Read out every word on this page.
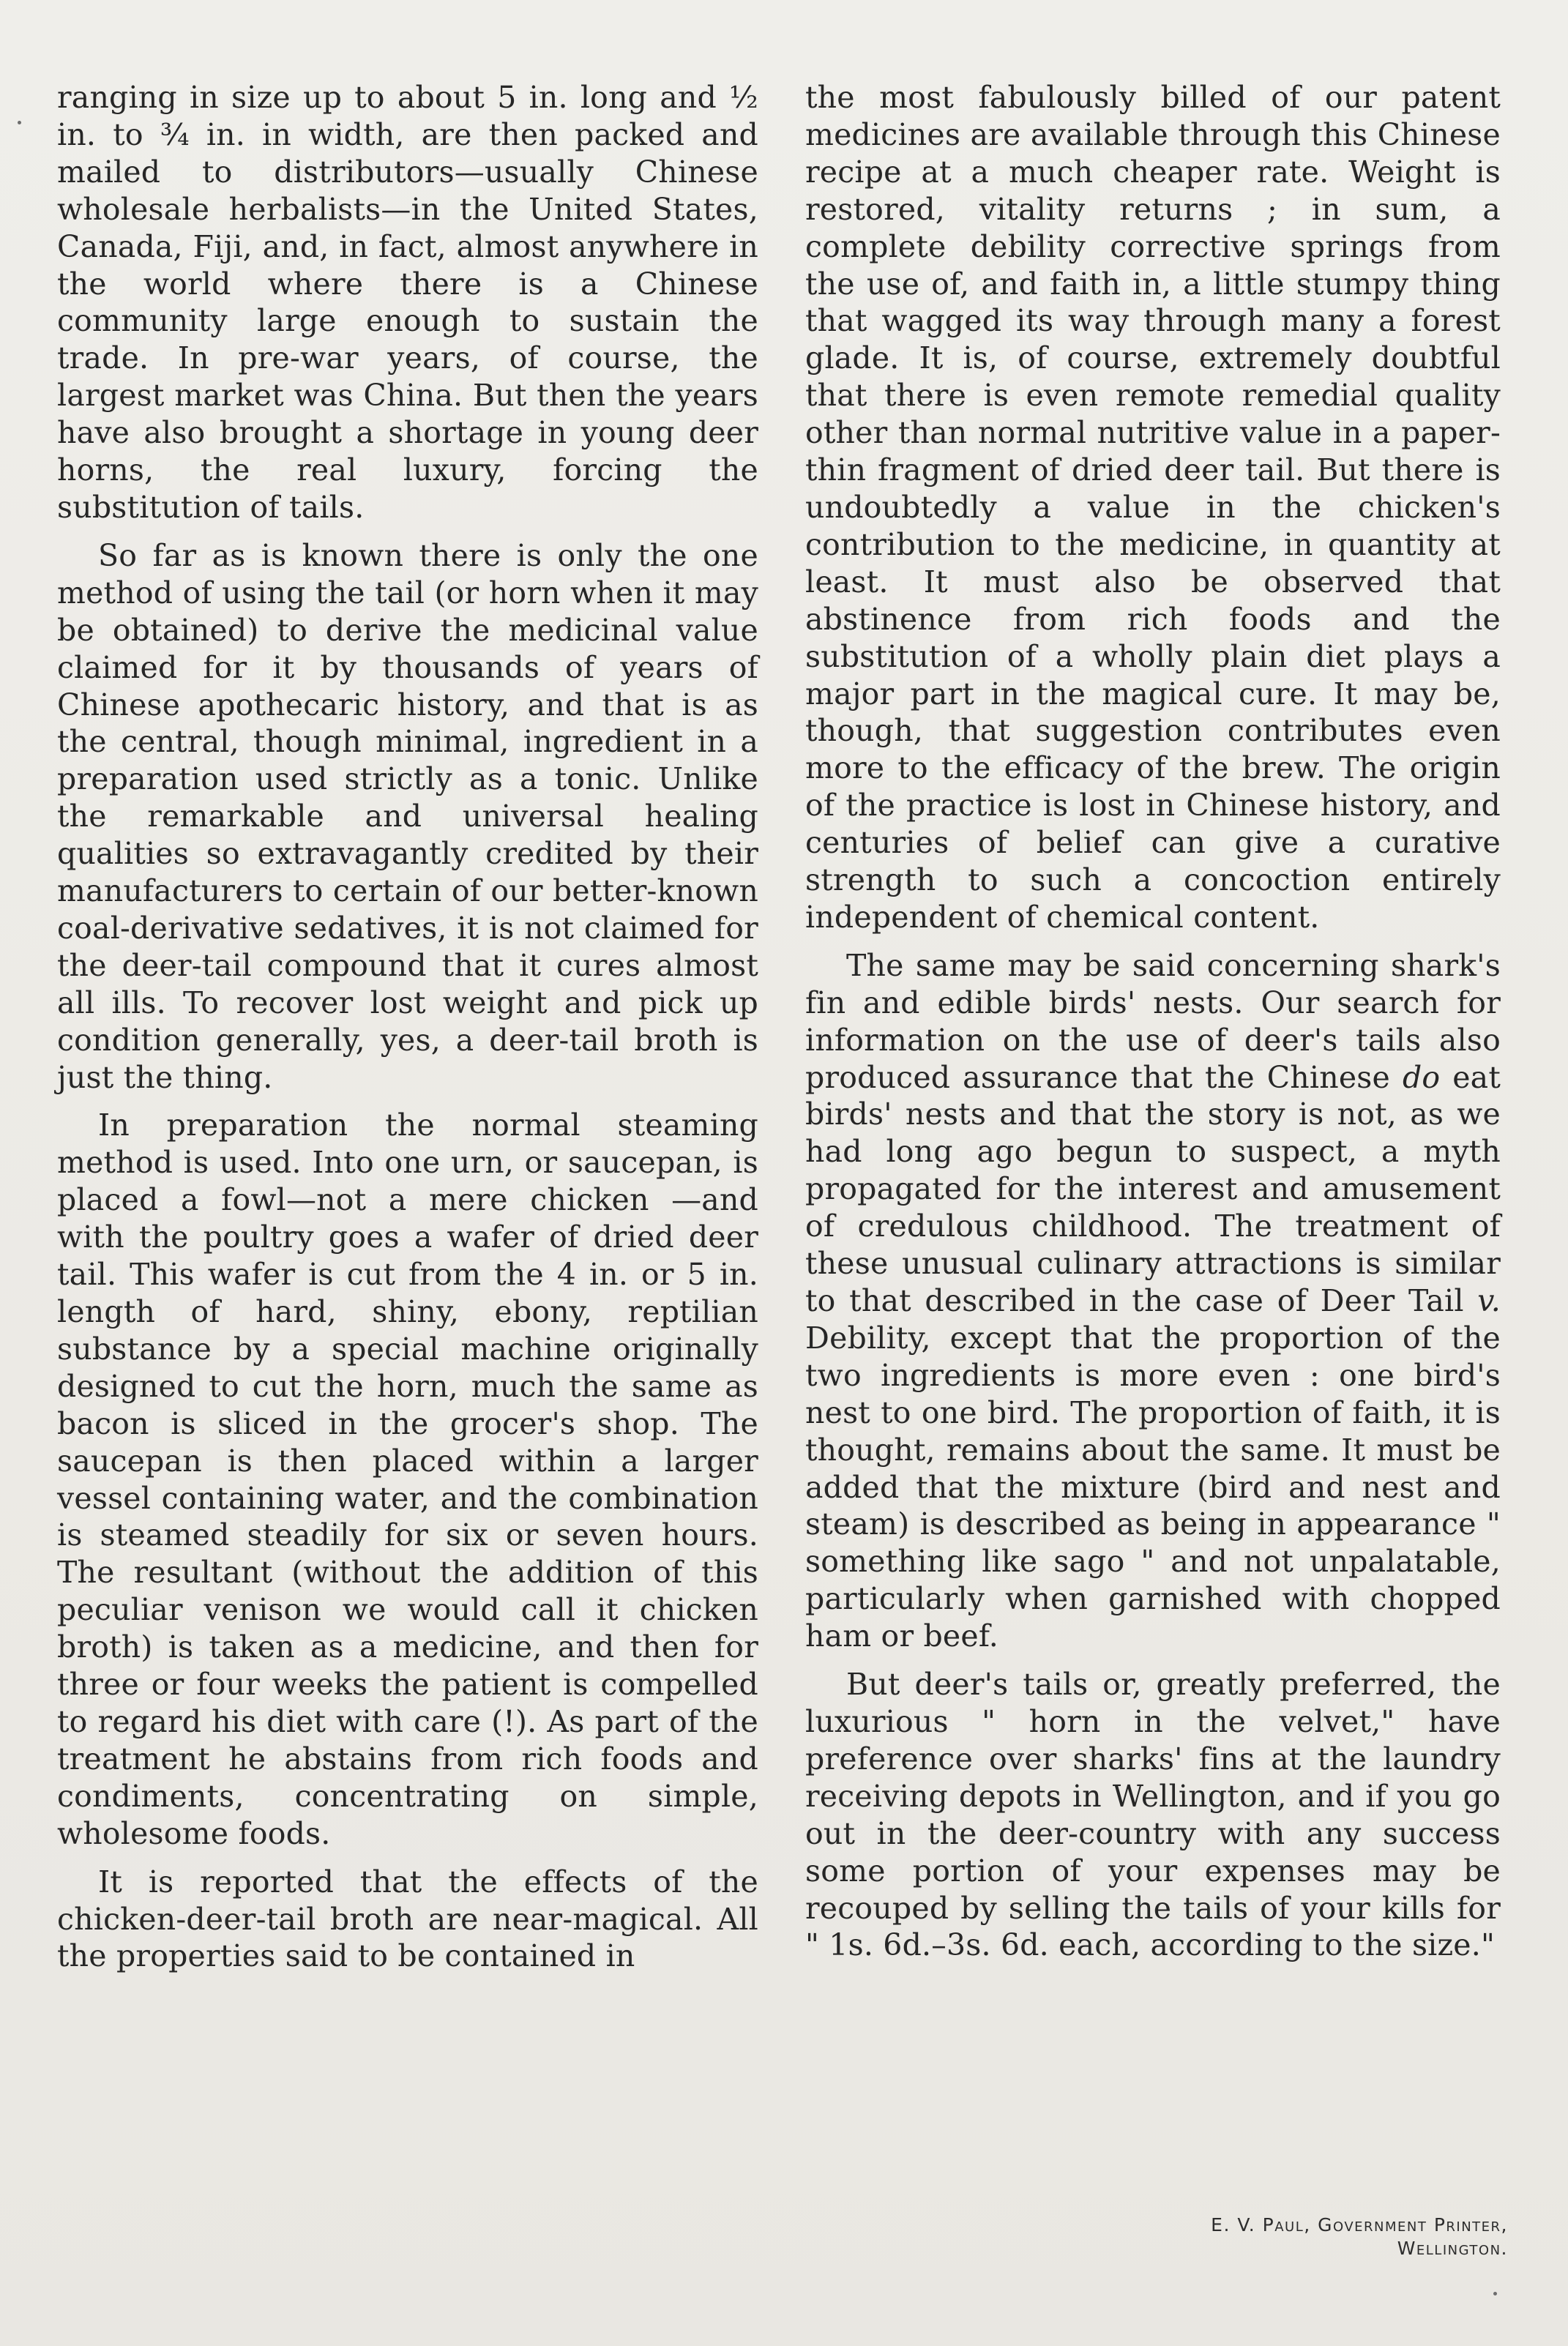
ranging in size up to about 5 in. long and ½ in. to ¾ in. in width, are then packed and mailed to distributors—usually Chinese wholesale herbalists—in the United States, Canada, Fiji, and, in fact, almost anywhere in the world where there is a Chinese community large enough to sustain the trade. In pre-war years, of course, the largest market was China. But then the years have also brought a shortage in young deer horns, the real luxury, forcing the substitution of tails.

So far as is known there is only the one method of using the tail (or horn when it may be obtained) to derive the medicinal value claimed for it by thousands of years of Chinese apothecaric history, and that is as the central, though minimal, ingredient in a preparation used strictly as a tonic. Unlike the remarkable and universal healing qualities so extravagantly credited by their manufacturers to certain of our better-known coal-derivative sedatives, it is not claimed for the deer-tail compound that it cures almost all ills. To recover lost weight and pick up condition generally, yes, a deer-tail broth is just the thing.

In preparation the normal steaming method is used. Into one urn, or saucepan, is placed a fowl—not a mere chicken —and with the poultry goes a wafer of dried deer tail. This wafer is cut from the 4 in. or 5 in. length of hard, shiny, ebony, reptilian substance by a special machine originally designed to cut the horn, much the same as bacon is sliced in the grocer's shop. The saucepan is then placed within a larger vessel containing water, and the combination is steamed steadily for six or seven hours. The resultant (without the addition of this peculiar venison we would call it chicken broth) is taken as a medicine, and then for three or four weeks the patient is compelled to regard his diet with care (!). As part of the treatment he abstains from rich foods and condiments, concentrating on simple, wholesome foods.

It is reported that the effects of the chicken-deer-tail broth are near-magical. All the properties said to be contained in

the most fabulously billed of our patent medicines are available through this Chinese recipe at a much cheaper rate. Weight is restored, vitality returns ; in sum, a complete debility corrective springs from the use of, and faith in, a little stumpy thing that wagged its way through many a forest glade. It is, of course, extremely doubtful that there is even remote remedial quality other than normal nutritive value in a paper-thin fragment of dried deer tail. But there is undoubtedly a value in the chicken's contribution to the medicine, in quantity at least. It must also be observed that abstinence from rich foods and the substitution of a wholly plain diet plays a major part in the magical cure. It may be, though, that suggestion contributes even more to the efficacy of the brew. The origin of the practice is lost in Chinese history, and centuries of belief can give a curative strength to such a concoction entirely independent of chemical content.

The same may be said concerning shark's fin and edible birds' nests. Our search for information on the use of deer's tails also produced assurance that the Chinese do eat birds' nests and that the story is not, as we had long ago begun to suspect, a myth propagated for the interest and amusement of credulous childhood. The treatment of these unusual culinary attractions is similar to that described in the case of Deer Tail v. Debility, except that the proportion of the two ingredients is more even : one bird's nest to one bird. The proportion of faith, it is thought, remains about the same. It must be added that the mixture (bird and nest and steam) is described as being in appearance " something like sago " and not unpalatable, particularly when garnished with chopped ham or beef.

But deer's tails or, greatly preferred, the luxurious " horn in the velvet," have preference over sharks' fins at the laundry receiving depots in Wellington, and if you go out in the deer-country with any success some portion of your expenses may be recouped by selling the tails of your kills for " 1s. 6d.–3s. 6d. each, according to the size."

E. V. Paul, Government Printer,
Wellington.
